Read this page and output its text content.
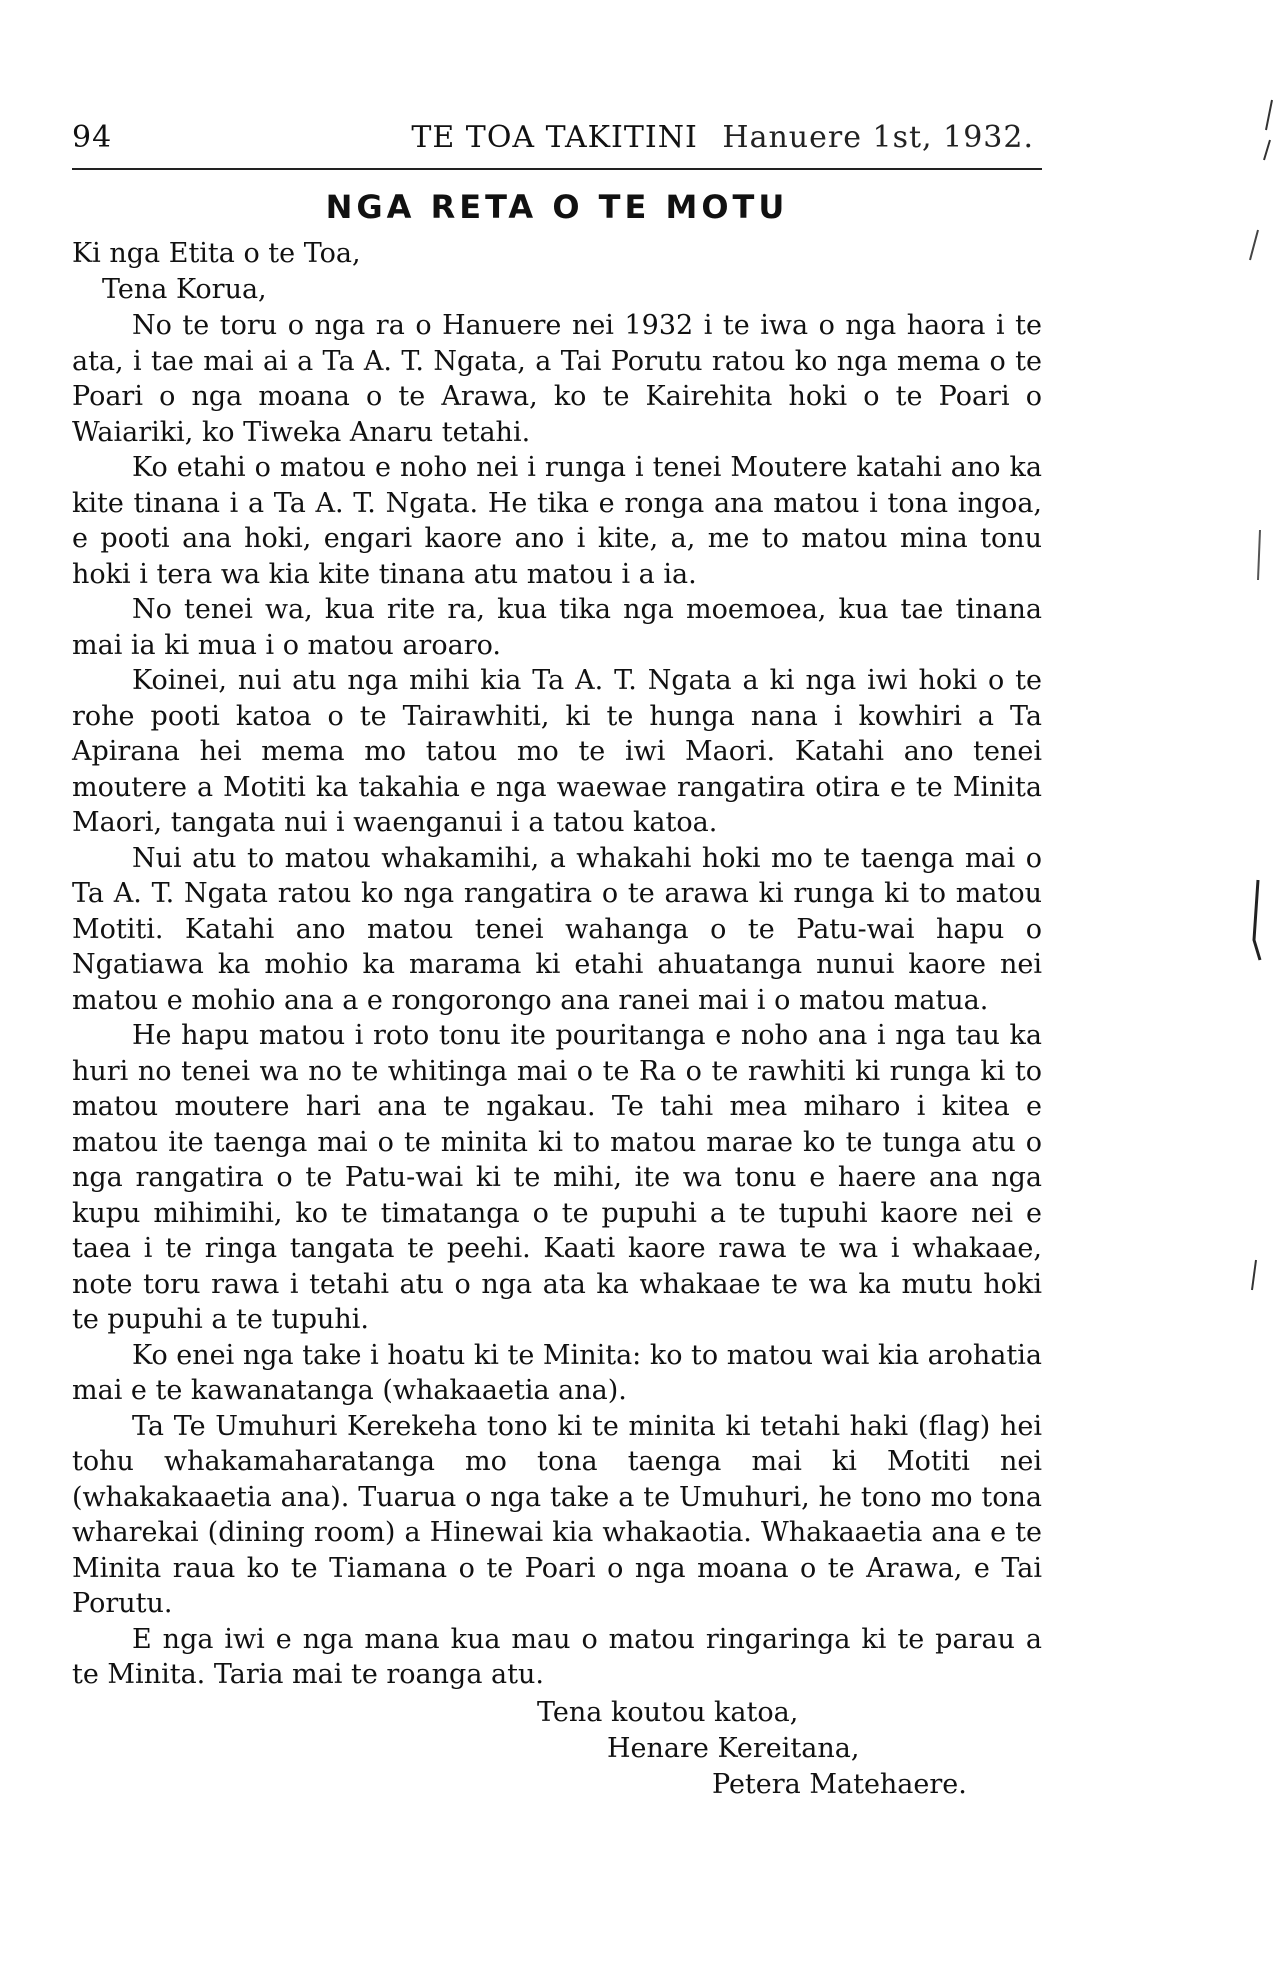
94	TE TOA TAKITINI Hanuere 1st, 1932.
NGA RETA O TE MOTU
Ki nga Etita o te Toa,
Tena Korua,

No te toru o nga ra o Hanuere nei 1932 i te iwa o nga haora i te ata, i tae mai ai a Ta A. T. Ngata, a Tai Porutu ratou ko nga mema o te Poari o nga moana o te Arawa, ko te Kairehita hoki o te Poari o Waiariki, ko Tiweka Anaru tetahi.

Ko etahi o matou e noho nei i runga i tenei Moutere katahi ano ka kite tinana i a Ta A. T. Ngata. He tika e ronga ana matou i tona ingoa, e pooti ana hoki, engari kaore ano i kite, a, me to matou mina tonu hoki i tera wa kia kite tinana atu matou i a ia.

No tenei wa, kua rite ra, kua tika nga moemoea, kua tae tinana mai ia ki mua i o matou aroaro.

Koinei, nui atu nga mihi kia Ta A. T. Ngata a ki nga iwi hoki o te rohe pooti katoa o te Tairawhiti, ki te hunga nana i kowhiri a Ta Apirana hei mema mo tatou mo te iwi Maori. Katahi ano tenei moutere a Motiti ka takahia e nga waewae rangatira otira e te Minita Maori, tangata nui i waenganui i a tatou katoa.

Nui atu to matou whakamihi, a whakahi hoki mo te taenga mai o Ta A. T. Ngata ratou ko nga rangatira o te arawa ki runga ki to matou Motiti. Katahi ano matou tenei wahanga o te Patu-wai hapu o Ngatiawa ka mohio ka marama ki etahi ahuatanga nunui kaore nei matou e mohio ana a e rongorongo ana ranei mai i o matou matua.

He hapu matou i roto tonu ite pouritanga e noho ana i nga tau ka huri no tenei wa no te whitinga mai o te Ra o te rawhiti ki runga ki to matou moutere hari ana te ngakau. Te tahi mea miharo i kitea e matou ite taenga mai o te minita ki to matou marae ko te tunga atu o nga rangatira o te Patu-wai ki te mihi, ite wa tonu e haere ana nga kupu mihimihi, ko te timatanga o te pupuhi a te tupuhi kaore nei e taea i te ringa tangata te peehi. Kaati kaore rawa te wa i whakaae, note toru rawa i tetahi atu o nga ata ka whakaae te wa ka mutu hoki te pupuhi a te tupuhi.

Ko enei nga take i hoatu ki te Minita: ko to matou wai kia arohatia mai e te kawanatanga (whakaaetia ana).

Ta Te Umuhuri Kerekeha tono ki te minita ki tetahi haki (flag) hei tohu whakamaharatanga mo tona taenga mai ki Motiti nei (whakakaaetia ana). Tuarua o nga take a te Umuhuri, he tono mo tona wharekai (dining room) a Hinewai kia whakaotia. Whakaaetia ana e te Minita raua ko te Tiamana o te Poari o nga moana o te Arawa, e Tai Porutu.

E nga iwi e nga mana kua mau o matou ringaringa ki te parau a te Minita. Taria mai te roanga atu.

Tena koutou katoa,
Henare Kereitana,
Petera Matehaere.
